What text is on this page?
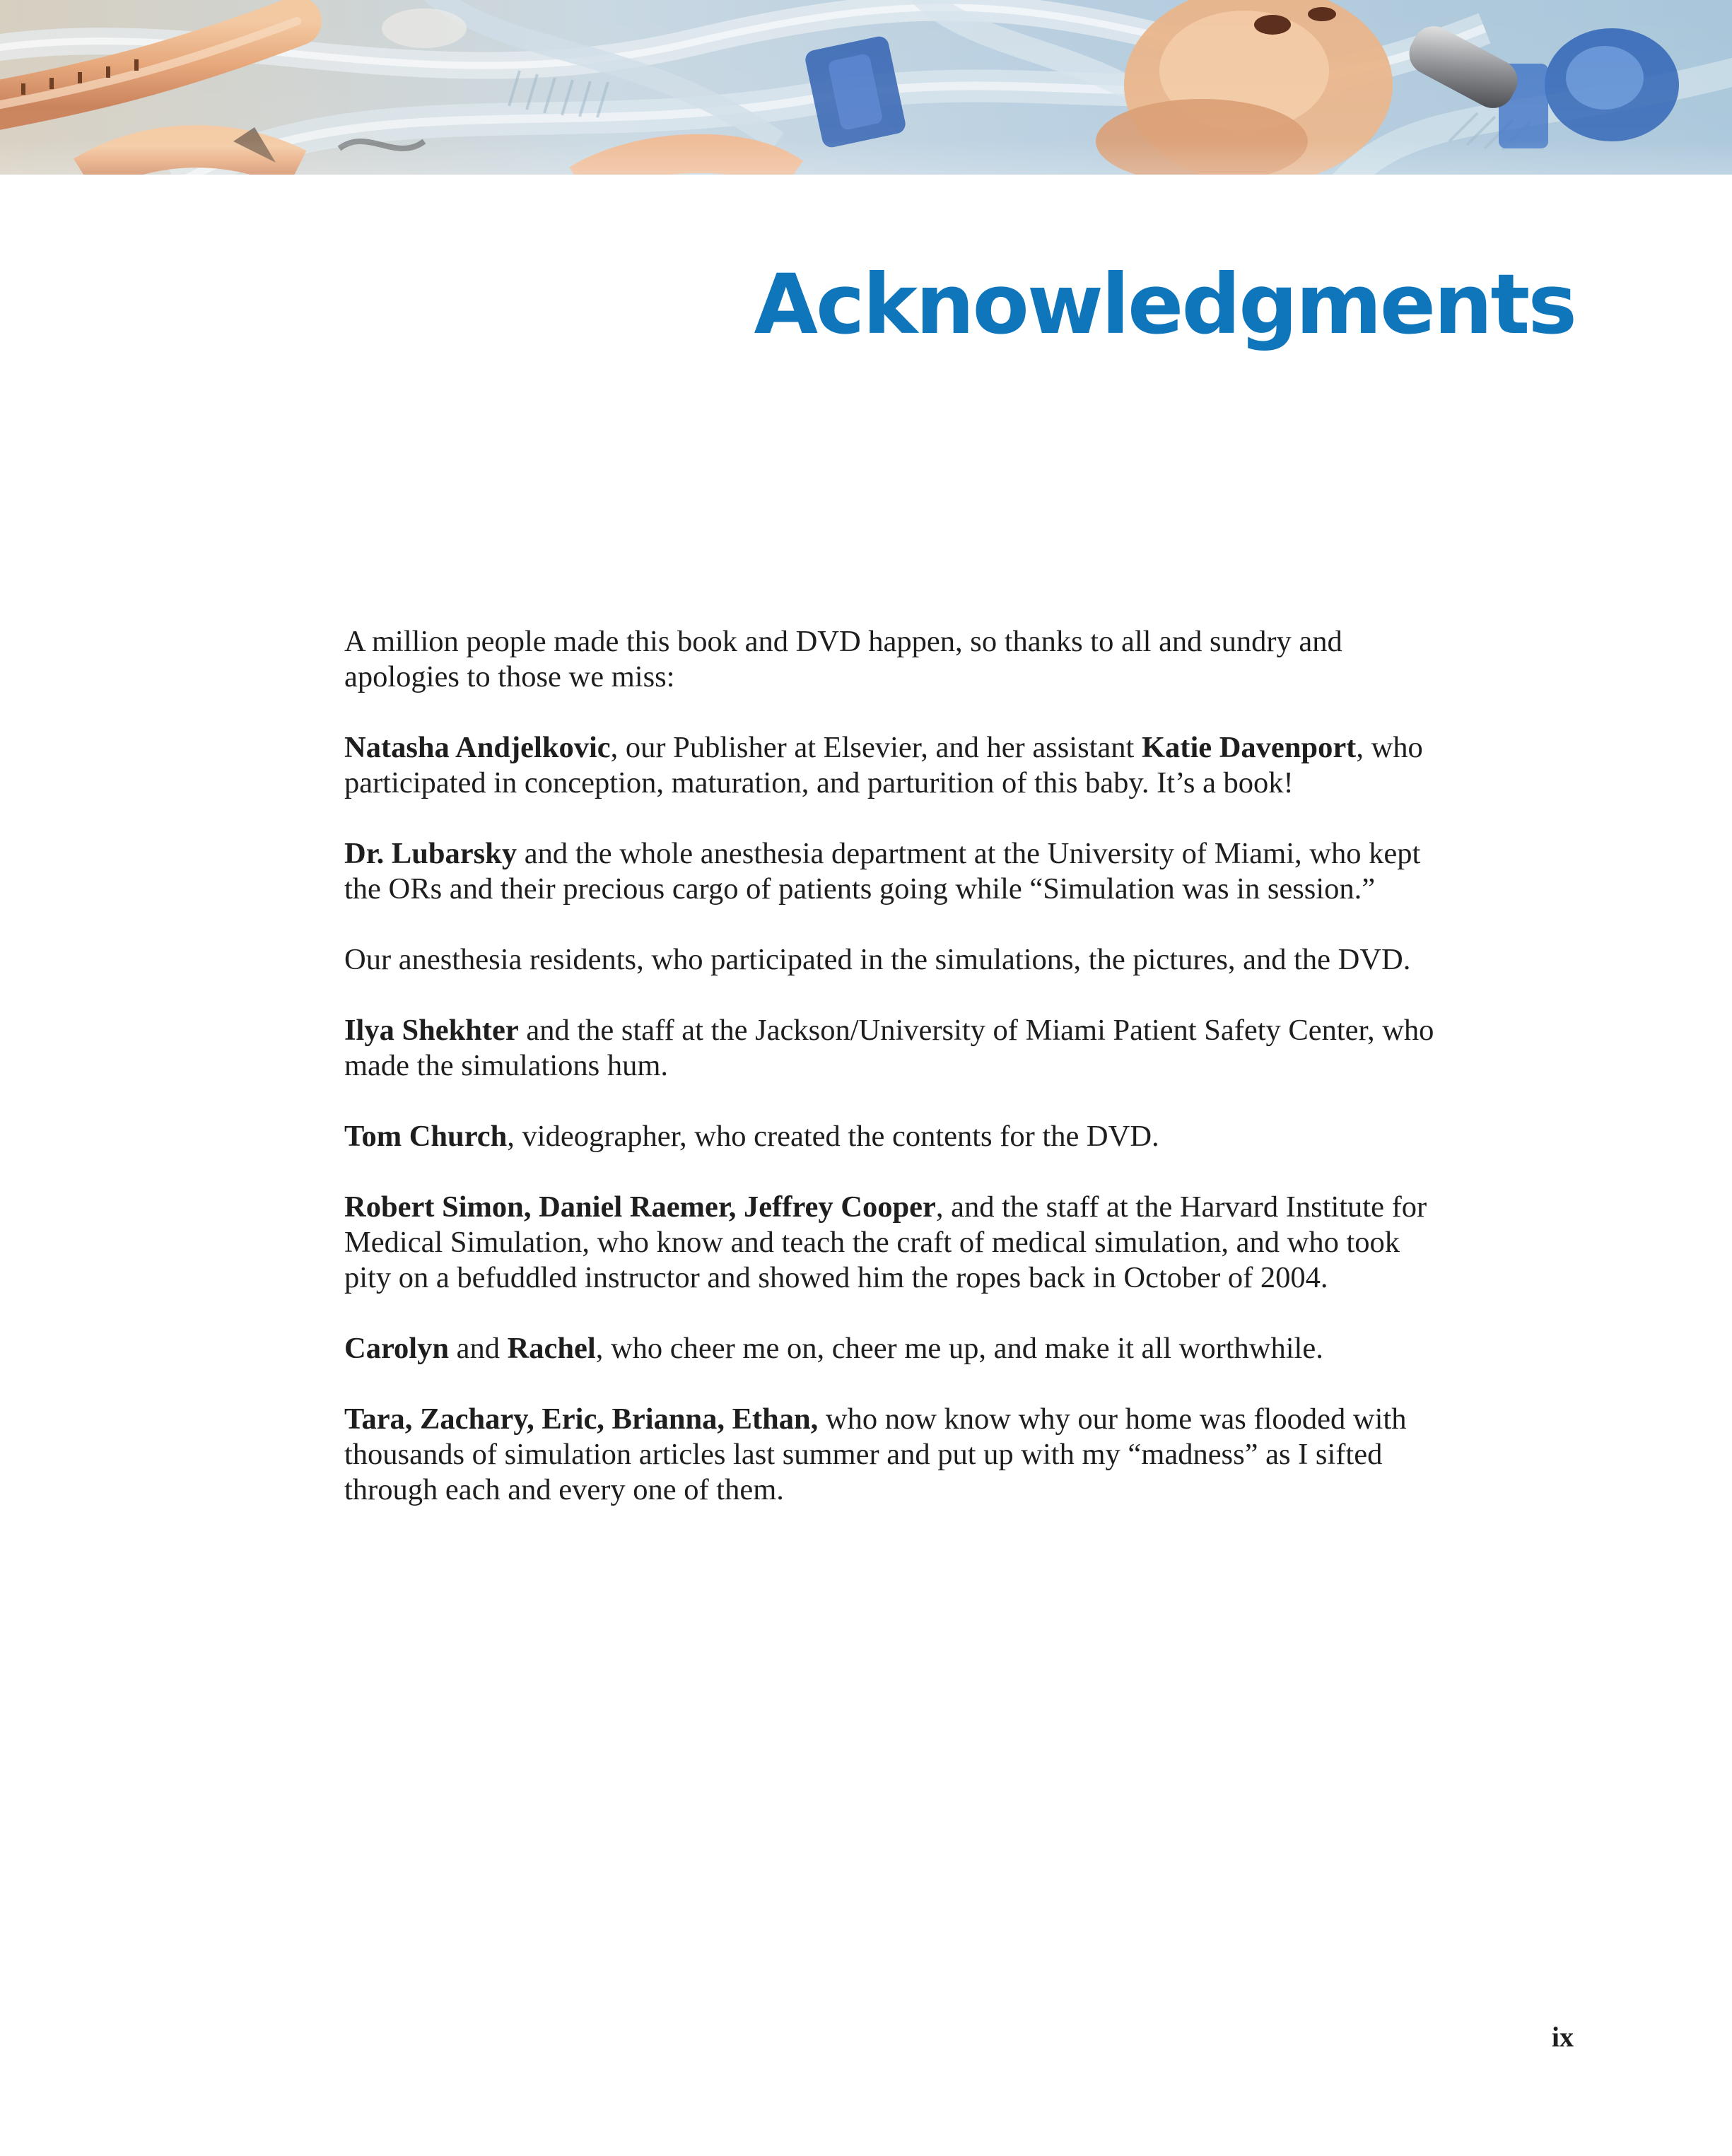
Acknowledgments

A million people made this book and DVD happen, so thanks to all and sundry and apologies to those we miss:

Natasha Andjelkovic, our Publisher at Elsevier, and her assistant Katie Davenport, who participated in conception, maturation, and parturition of this baby. It’s a book!

Dr. Lubarsky and the whole anesthesia department at the University of Miami, who kept the ORs and their precious cargo of patients going while “Simulation was in session.”

Our anesthesia residents, who participated in the simulations, the pictures, and the DVD.

Ilya Shekhter and the staff at the Jackson/University of Miami Patient Safety Center, who made the simulations hum.

Tom Church, videographer, who created the contents for the DVD.

Robert Simon, Daniel Raemer, Jeffrey Cooper, and the staff at the Harvard Institute for Medical Simulation, who know and teach the craft of medical simulation, and who took pity on a befuddled instructor and showed him the ropes back in October of 2004.

Carolyn and Rachel, who cheer me on, cheer me up, and make it all worthwhile.

Tara, Zachary, Eric, Brianna, Ethan, who now know why our home was flooded with thousands of simulation articles last summer and put up with my “madness” as I sifted through each and every one of them.

ix
